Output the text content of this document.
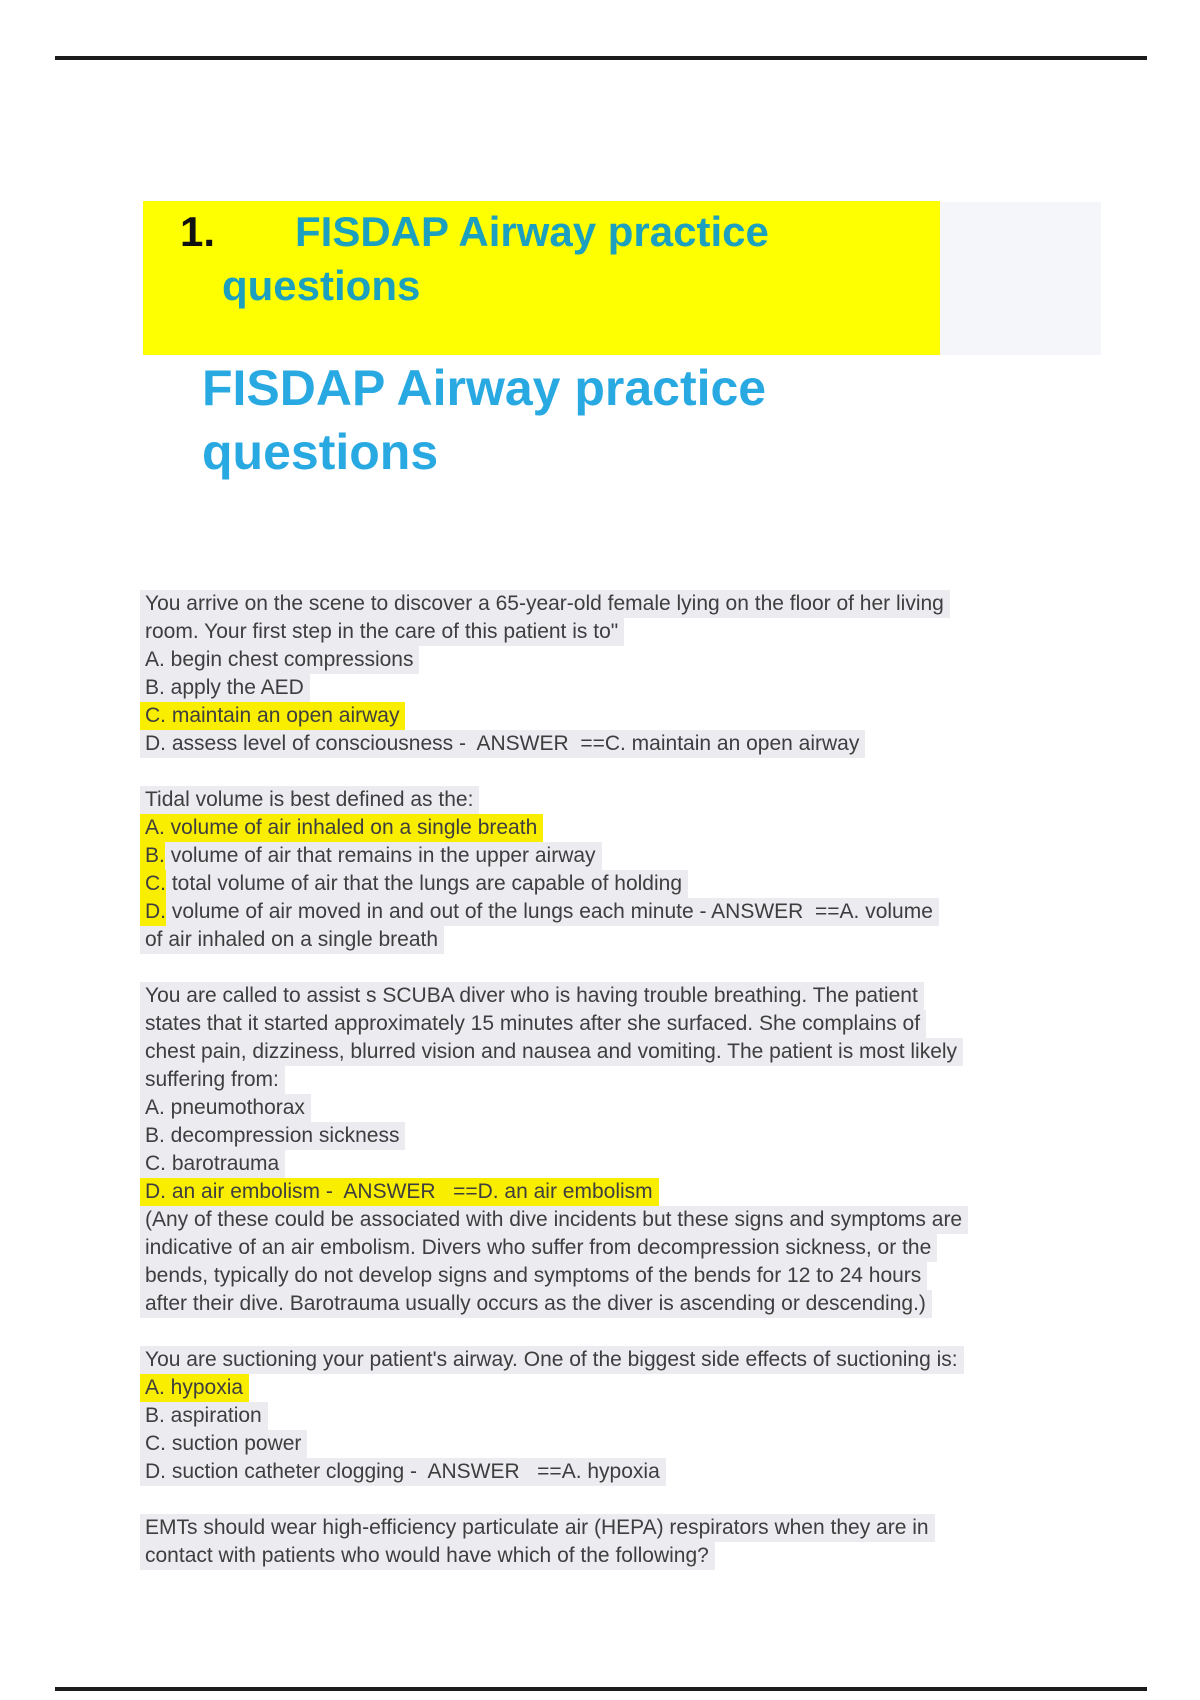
1. FISDAP Airway practice
questions
FISDAP Airway practice
questions
You arrive on the scene to discover a 65-year-old female lying on the floor of her living
room. Your first step in the care of this patient is to"
A. begin chest compressions
B. apply the AED
C. maintain an open airway
D. assess level of consciousness -  ANSWER  ==C. maintain an open airway
Tidal volume is best defined as the:
A. volume of air inhaled on a single breath
B. volume of air that remains in the upper airway
C. total volume of air that the lungs are capable of holding
D. volume of air moved in and out of the lungs each minute - ANSWER  ==A. volume
of air inhaled on a single breath
You are called to assist s SCUBA diver who is having trouble breathing. The patient
states that it started approximately 15 minutes after she surfaced. She complains of
chest pain, dizziness, blurred vision and nausea and vomiting. The patient is most likely
suffering from:
A. pneumothorax
B. decompression sickness
C. barotrauma
D. an air embolism -  ANSWER   ==D. an air embolism
(Any of these could be associated with dive incidents but these signs and symptoms are
indicative of an air embolism. Divers who suffer from decompression sickness, or the
bends, typically do not develop signs and symptoms of the bends for 12 to 24 hours
after their dive. Barotrauma usually occurs as the diver is ascending or descending.)
You are suctioning your patient's airway. One of the biggest side effects of suctioning is:
A. hypoxia
B. aspiration
C. suction power
D. suction catheter clogging -  ANSWER   ==A. hypoxia
EMTs should wear high-efficiency particulate air (HEPA) respirators when they are in
contact with patients who would have which of the following?
